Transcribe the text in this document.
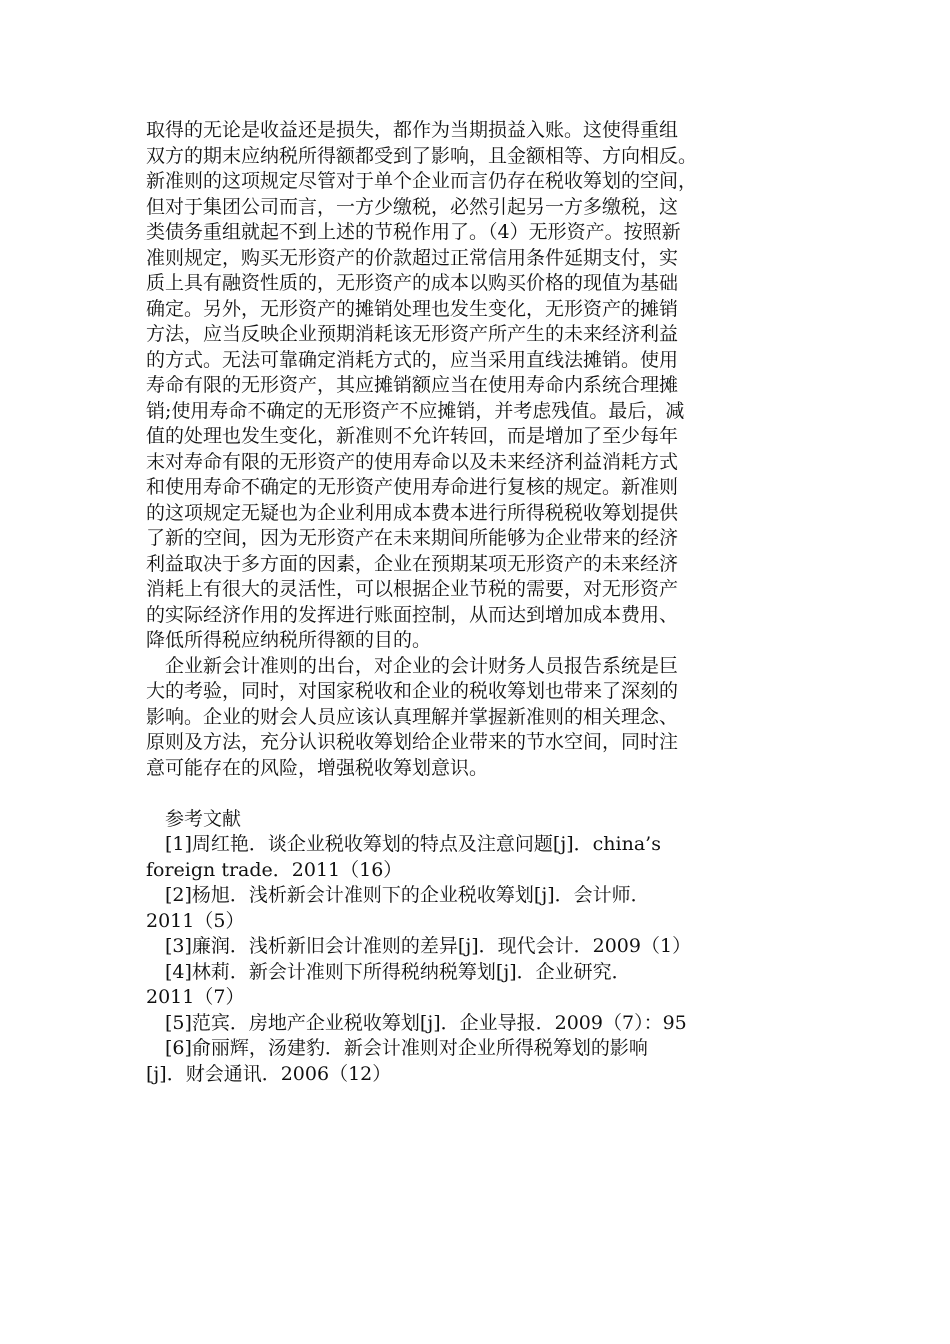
取得的无论是收益还是损失，都作为当期损益入账。这使得重组
双方的期末应纳税所得额都受到了影响，且金额相等、方向相反。
新准则的这项规定尽管对于单个企业而言仍存在税收筹划的空间，
但对于集团公司而言，一方少缴税，必然引起另一方多缴税，这
类债务重组就起不到上述的节税作用了。（4）无形资产。按照新
准则规定，购买无形资产的价款超过正常信用条件延期支付，实
质上具有融资性质的，无形资产的成本以购买价格的现值为基础
确定。另外，无形资产的摊销处理也发生变化，无形资产的摊销
方法，应当反映企业预期消耗该无形资产所产生的未来经济利益
的方式。无法可靠确定消耗方式的，应当采用直线法摊销。使用
寿命有限的无形资产，其应摊销额应当在使用寿命内系统合理摊
销;使用寿命不确定的无形资产不应摊销，并考虑残值。最后，减
值的处理也发生变化，新准则不允许转回，而是增加了至少每年
末对寿命有限的无形资产的使用寿命以及未来经济利益消耗方式
和使用寿命不确定的无形资产使用寿命进行复核的规定。新准则
的这项规定无疑也为企业利用成本费本进行所得税税收筹划提供
了新的空间，因为无形资产在未来期间所能够为企业带来的经济
利益取决于多方面的因素，企业在预期某项无形资产的未来经济
消耗上有很大的灵活性，可以根据企业节税的需要，对无形资产
的实际经济作用的发挥进行账面控制，从而达到增加成本费用、
降低所得税应纳税所得额的目的。
　企业新会计准则的出台，对企业的会计财务人员报告系统是巨
大的考验，同时，对国家税收和企业的税收筹划也带来了深刻的
影响。企业的财会人员应该认真理解并掌握新准则的相关理念、
原则及方法，充分认识税收筹划给企业带来的节水空间，同时注
意可能存在的风险，增强税收筹划意识。
　参考文献
　[1]周红艳．谈企业税收筹划的特点及注意问题[j]．china’s
foreign trade．2011（16）
　[2]杨旭．浅析新会计准则下的企业税收筹划[j]．会计师．
2011（5）
　[3]廉润．浅析新旧会计准则的差异[j]．现代会计．2009（1）
　[4]林莉．新会计准则下所得税纳税筹划[j]．企业研究．
2011（7）
　[5]范宾．房地产企业税收筹划[j]．企业导报．2009（7）：95
　[6]俞丽辉，汤建豹．新会计准则对企业所得税筹划的影响
[j]．财会通讯．2006（12）
